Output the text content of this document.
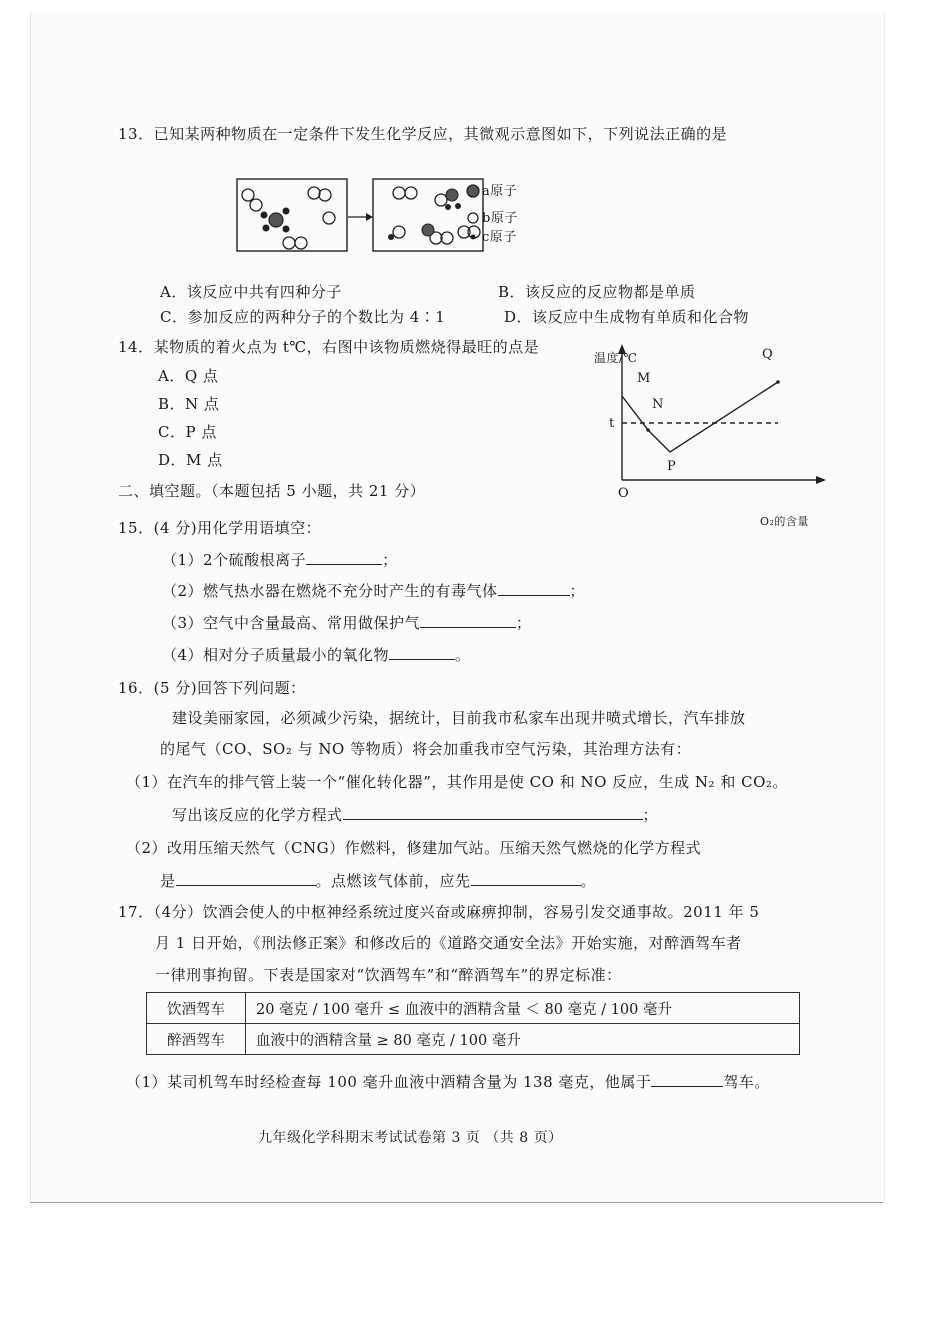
13．已知某两种物质在一定条件下发生化学反应，其微观示意图如下，下列说法正确的是
a原子
b原子
c原子
A．该反应中共有四种分子	B．该反应的反应物都是单质
C．参加反应的两种分子的个数比为 4∶1	D．该反应中生成物有单质和化合物
14．某物质的着火点为 t℃，右图中该物质燃烧得最旺的点是
A．Q 点
B．N 点
C．P 点
D．M 点
温度/℃
O₂的含量
O
t
M
N
P
Q
二、填空题。（本题包括 5 小题，共 21 分）
15．(4 分)用化学用语填空：
（1）2个硫酸根离子	；
（2）燃气热水器在燃烧不充分时产生的有毒气体	；
（3）空气中含量最高、常用做保护气	；
（4）相对分子质量最小的氧化物	。
16．(5 分)回答下列问题：
建设美丽家园，必须减少污染，据统计，目前我市私家车出现井喷式增长，汽车排放
的尾气（CO、SO₂ 与 NO 等物质）将会加重我市空气污染，其治理方法有：
（1）在汽车的排气管上装一个“催化转化器”，其作用是使 CO 和 NO 反应，生成 N₂ 和 CO₂。
写出该反应的化学方程式	；
（2）改用压缩天然气（CNG）作燃料，修建加气站。压缩天然气燃烧的化学方程式
是	。点燃该气体前，应先	。
17．（4分）饮酒会使人的中枢神经系统过度兴奋或麻痹抑制，容易引发交通事故。2011 年 5
月 1 日开始，《刑法修正案》和修改后的《道路交通安全法》开始实施，对醉酒驾车者
一律刑事拘留。下表是国家对“饮酒驾车”和“醉酒驾车”的界定标准：
饮酒驾车	20 毫克 / 100 毫升 ≤ 血液中的酒精含量 ＜ 80 毫克 / 100 毫升
醉酒驾车	血液中的酒精含量 ≥ 80 毫克 / 100 毫升
（1）某司机驾车时经检查每 100 毫升血液中酒精含量为 138 毫克，他属于	驾车。
九年级化学科期末考试试卷第 3 页 （共 8 页）
